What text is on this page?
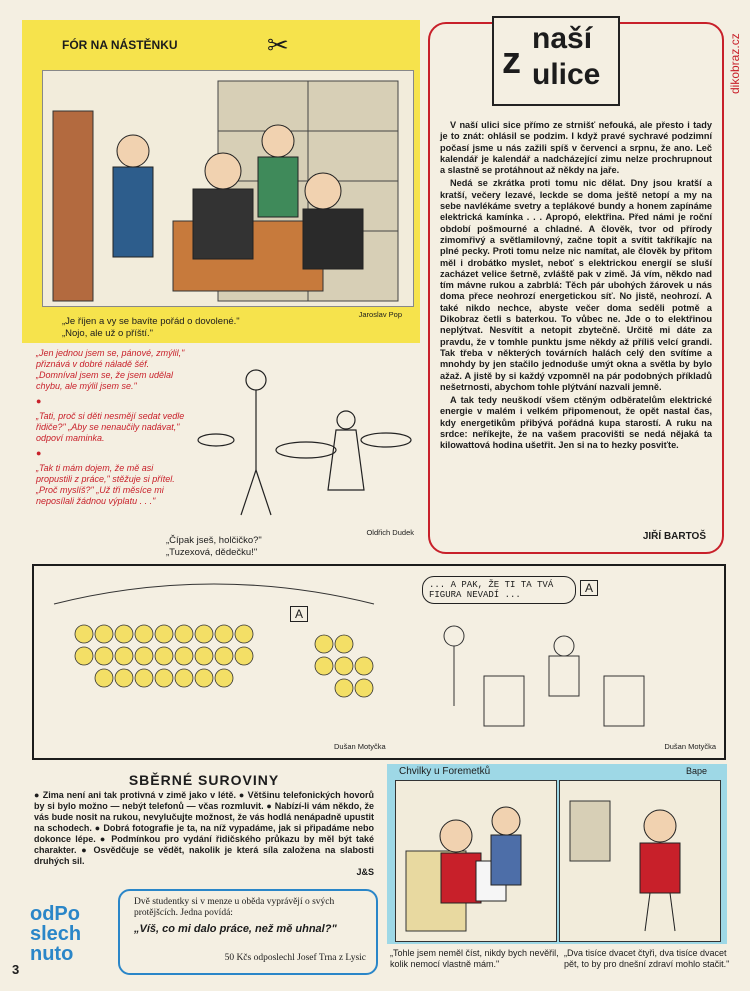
dikobraz.cz
FÓR NA NÁSTĚNKU	✂
Jaroslav Pop
„Je říjen a vy se bavíte pořád o dovolené."
„Nojo, ale už o příští."
„Jen jednou jsem se, pánové, zmýlil," přiznává v dobré náladě šéf. „Domníval jsem se, že jsem udělal chybu, ale mýlil jsem se."
●
„Tati, proč si děti nesmějí sedat vedle řidiče?" „Aby se nenaučily nadávat," odpoví maminka.
●
„Tak ti mám dojem, že mě asi propustili z práce," stěžuje si přítel. „Proč myslíš?" „Už tři měsíce mi neposílali žádnou výplatu . . ."
Oldřich Dudek
„Čípak jseš, holčičko?"
„Tuzexová, dědečku!"
z
naší
ulice

V naší ulici sice přímo ze strnišť nefouká, ale přesto i tady je to znát: ohlásil se podzim. I když pravé sychravé podzimní počasí jsme u nás zažili spíš v červenci a srpnu, že ano. Leč kalendář je kalendář a nadcházející zimu nelze prochrupnout a slastně se protáhnout až někdy na jaře.

Nedá se zkrátka proti tomu nic dělat. Dny jsou kratší a kratší, večery lezavé, leckde se doma ještě netopí a my na sebe navlékáme svetry a teplákové bundy a honem zapínáme elektrická kamínka . . . Apropó, elektřina. Před námi je roční období pošmourné a chladné. A člověk, tvor od přírody zimomřivý a světlamilovný, začne topit a svítit takříkajíc na plné pecky. Proti tomu nelze nic namítat, ale člověk by přitom měl i drobátko myslet, neboť s elektrickou energií se sluší zacházet velice šetrně, zvláště pak v zimě. Já vím, někdo nad tím mávne rukou a zabrblá: Těch pár ubohých žárovek u nás doma přece neohrozí energetickou síť. No jistě, neohrozí. A také nikdo nechce, abyste večer doma seděli potmě a Dikobraz četli s baterkou. To vůbec ne. Jde o to elektřinou neplýtvat. Nesvítit a netopit zbytečně. Určitě mi dáte za pravdu, že v tomhle punktu jsme někdy až příliš velcí grandi. Tak třeba v některých továrních halách celý den svítíme a mnohdy by jen stačilo jednoduše umýt okna a světla by bylo ažaž. A jistě by si každý vzpomněl na pár podobných příkladů nešetrnosti, abychom tohle plýtvání nazvali jemně.

A tak tedy neuškodí všem ctěným odběratelům elektrické energie v malém i velkém připomenout, že opět nastal čas, kdy energetikům přibývá pořádná kupa starostí. A ruku na srdce: neříkejte, že na vašem pracovišti se nedá nějaká ta kilowattová hodina ušetřit. Jen si na to hezky posviťte.

JIŘÍ BARTOŠ
A
... A PAK, ŽE TI TA TVÁ FIGURA NEVADÍ ...	A
Dušan Motyčka	Dušan Motyčka
SBĚRNÉ SUROVINY
● Zima není ani tak protivná v zimě jako v létě. ● Většinu telefonických hovorů by si bylo možno — nebýt telefonů — včas rozmluvit. ● Nabízí-li vám někdo, že vás bude nosit na rukou, nevylučujte možnost, že vás hodlá nenápadně upustit na schodech. ● Dobrá fotografie je ta, na níž vypadáme, jak si připadáme nebo dokonce lépe. ● Podmínkou pro vydání řidičského průkazu by měl být také charakter. ● Osvědčuje se vědět, nakolik je která síla založena na slabosti druhých sil.
J&S
odPo
slech
nuto
Dvě studentky si v menze u oběda vyprávějí o svých protějšcích. Jedna povídá:
„Víš, co mi dalo práce, než mě uhnal?"
50 Kčs odposlechl Josef Trna z Lysic
3
Chvilky u Foremetků	Bape
„Tohle jsem neměl číst, nikdy bych nevěřil, kolik nemocí vlastně mám."
„Dva tisíce dvacet čtyři, dva tisíce dvacet pět, to by pro dnešní zdraví mohlo stačit."
